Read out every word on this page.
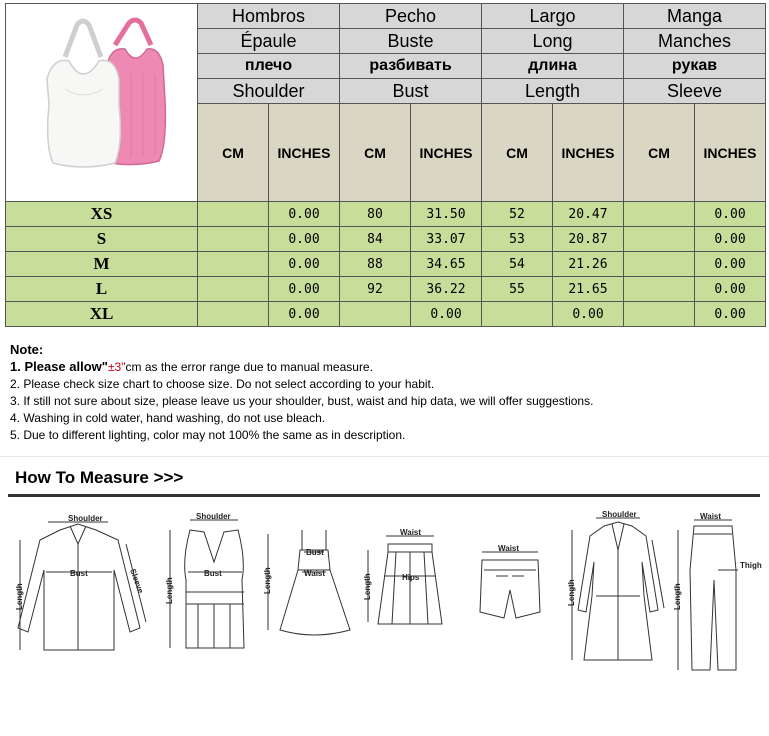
	Hombros		Pecho		Largo		Manga	
	Épaule		Buste		Long		Manches	
	плечо		разбивать		длина		рукав	
	Shoulder		Bust		Length		Sleeve	
	CM	INCHES	CM	INCHES	CM	INCHES	CM	INCHES
XS		0.00	80	31.50	52	20.47		0.00
S		0.00	84	33.07	53	20.87		0.00
M		0.00	88	34.65	54	21.26		0.00
L		0.00	92	36.22	55	21.65		0.00
XL		0.00		0.00		0.00		0.00
Note:
1. Please allow"±3"cm as the error range due to manual measure.
2. Please check size chart to choose size. Do not select according to your habit.
3. If still not sure about size, please leave us your shoulder, bust, waist and hip data, we will offer suggestions.
4. Washing in cold water, hand washing, do not use bleach.
5. Due to different lighting, color may not 100% the same as in description.
How To Measure >>>
Shoulder
Bust
Length
Sleeve
Shoulder
Bust
Length
Bust
Waist
Length
Waist
Hips
Length
Waist
Shoulder
Length
Waist
Thigh
Length
